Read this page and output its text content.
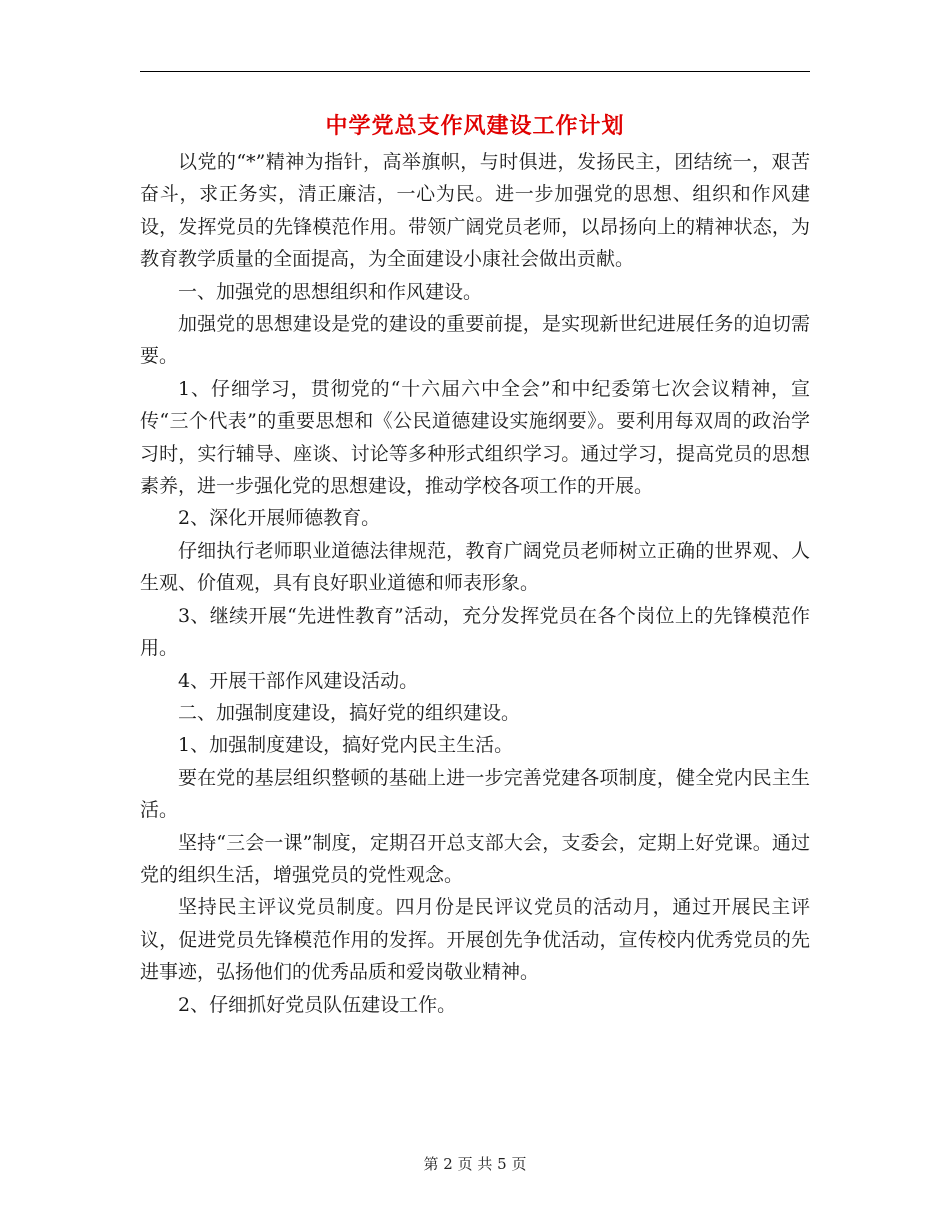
中学党总支作风建设工作计划

以党的“*”精神为指针，高举旗帜，与时俱进，发扬民主，团结统一，艰苦奋斗，求正务实，清正廉洁，一心为民。进一步加强党的思想、组织和作风建设，发挥党员的先锋模范作用。带领广阔党员老师，以昂扬向上的精神状态，为教育教学质量的全面提高，为全面建设小康社会做出贡献。

一、加强党的思想组织和作风建设。

加强党的思想建设是党的建设的重要前提，是实现新世纪进展任务的迫切需要。

1、仔细学习，贯彻党的“十六届六中全会”和中纪委第七次会议精神，宣传“三个代表”的重要思想和《公民道德建设实施纲要》。要利用每双周的政治学习时，实行辅导、座谈、讨论等多种形式组织学习。通过学习，提高党员的思想素养，进一步强化党的思想建设，推动学校各项工作的开展。

2、深化开展师德教育。

仔细执行老师职业道德法律规范，教育广阔党员老师树立正确的世界观、人生观、价值观，具有良好职业道德和师表形象。

3、继续开展“先进性教育”活动，充分发挥党员在各个岗位上的先锋模范作用。

4、开展干部作风建设活动。

二、加强制度建设，搞好党的组织建设。

1、加强制度建设，搞好党内民主生活。

要在党的基层组织整顿的基础上进一步完善党建各项制度，健全党内民主生活。

坚持“三会一课”制度，定期召开总支部大会，支委会，定期上好党课。通过党的组织生活，增强党员的党性观念。

坚持民主评议党员制度。四月份是民评议党员的活动月，通过开展民主评议，促进党员先锋模范作用的发挥。开展创先争优活动，宣传校内优秀党员的先进事迹，弘扬他们的优秀品质和爱岗敬业精神。

2、仔细抓好党员队伍建设工作。

第 2 页 共 5 页
